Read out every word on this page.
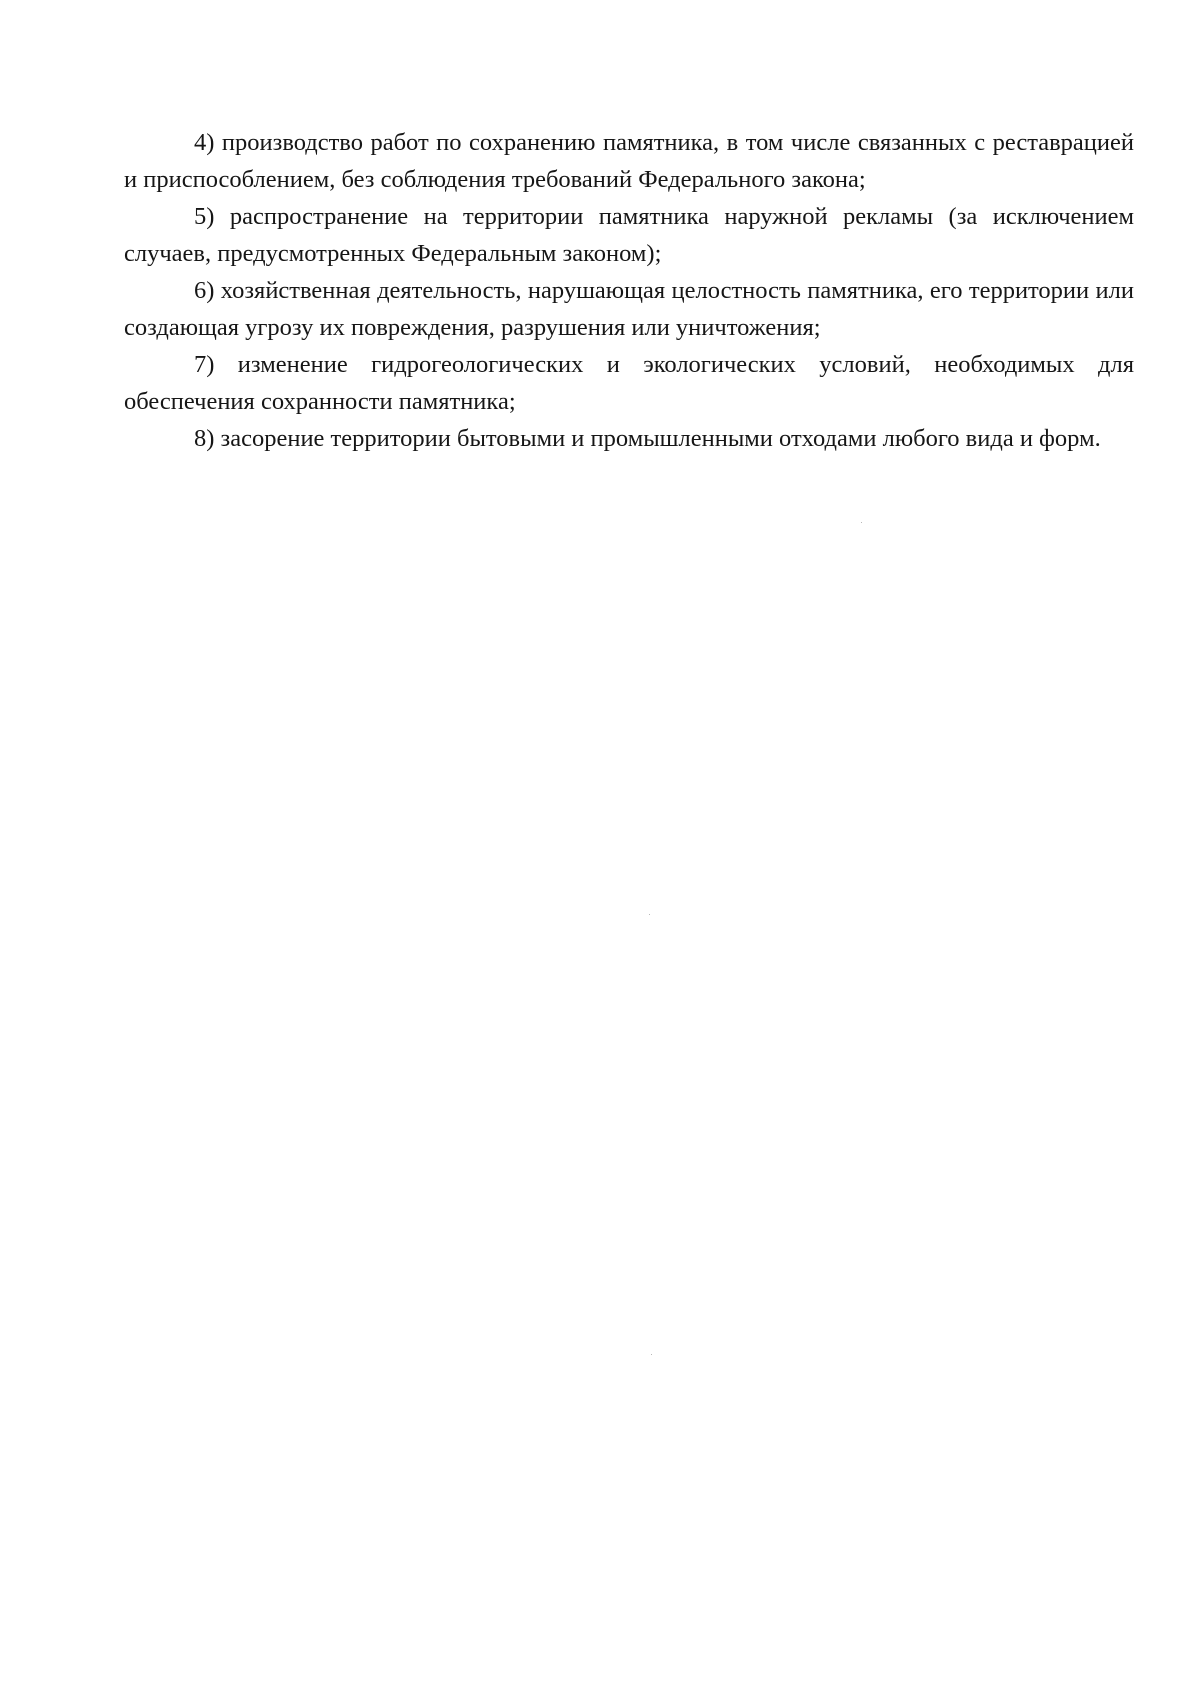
4) производство работ по сохранению памятника, в том числе связанных с реставрацией и приспособлением, без соблюдения требований Федерального закона;

5) распространение на территории памятника наружной рекламы (за исключением случаев, предусмотренных Федеральным законом);

6) хозяйственная деятельность, нарушающая целостность памятника, его территории или создающая угрозу их повреждения, разрушения или уничтожения;

7) изменение гидрогеологических и экологических условий, необходимых для обеспечения сохранности памятника;

8) засорение территории бытовыми и промышленными отходами любого вида и форм.
